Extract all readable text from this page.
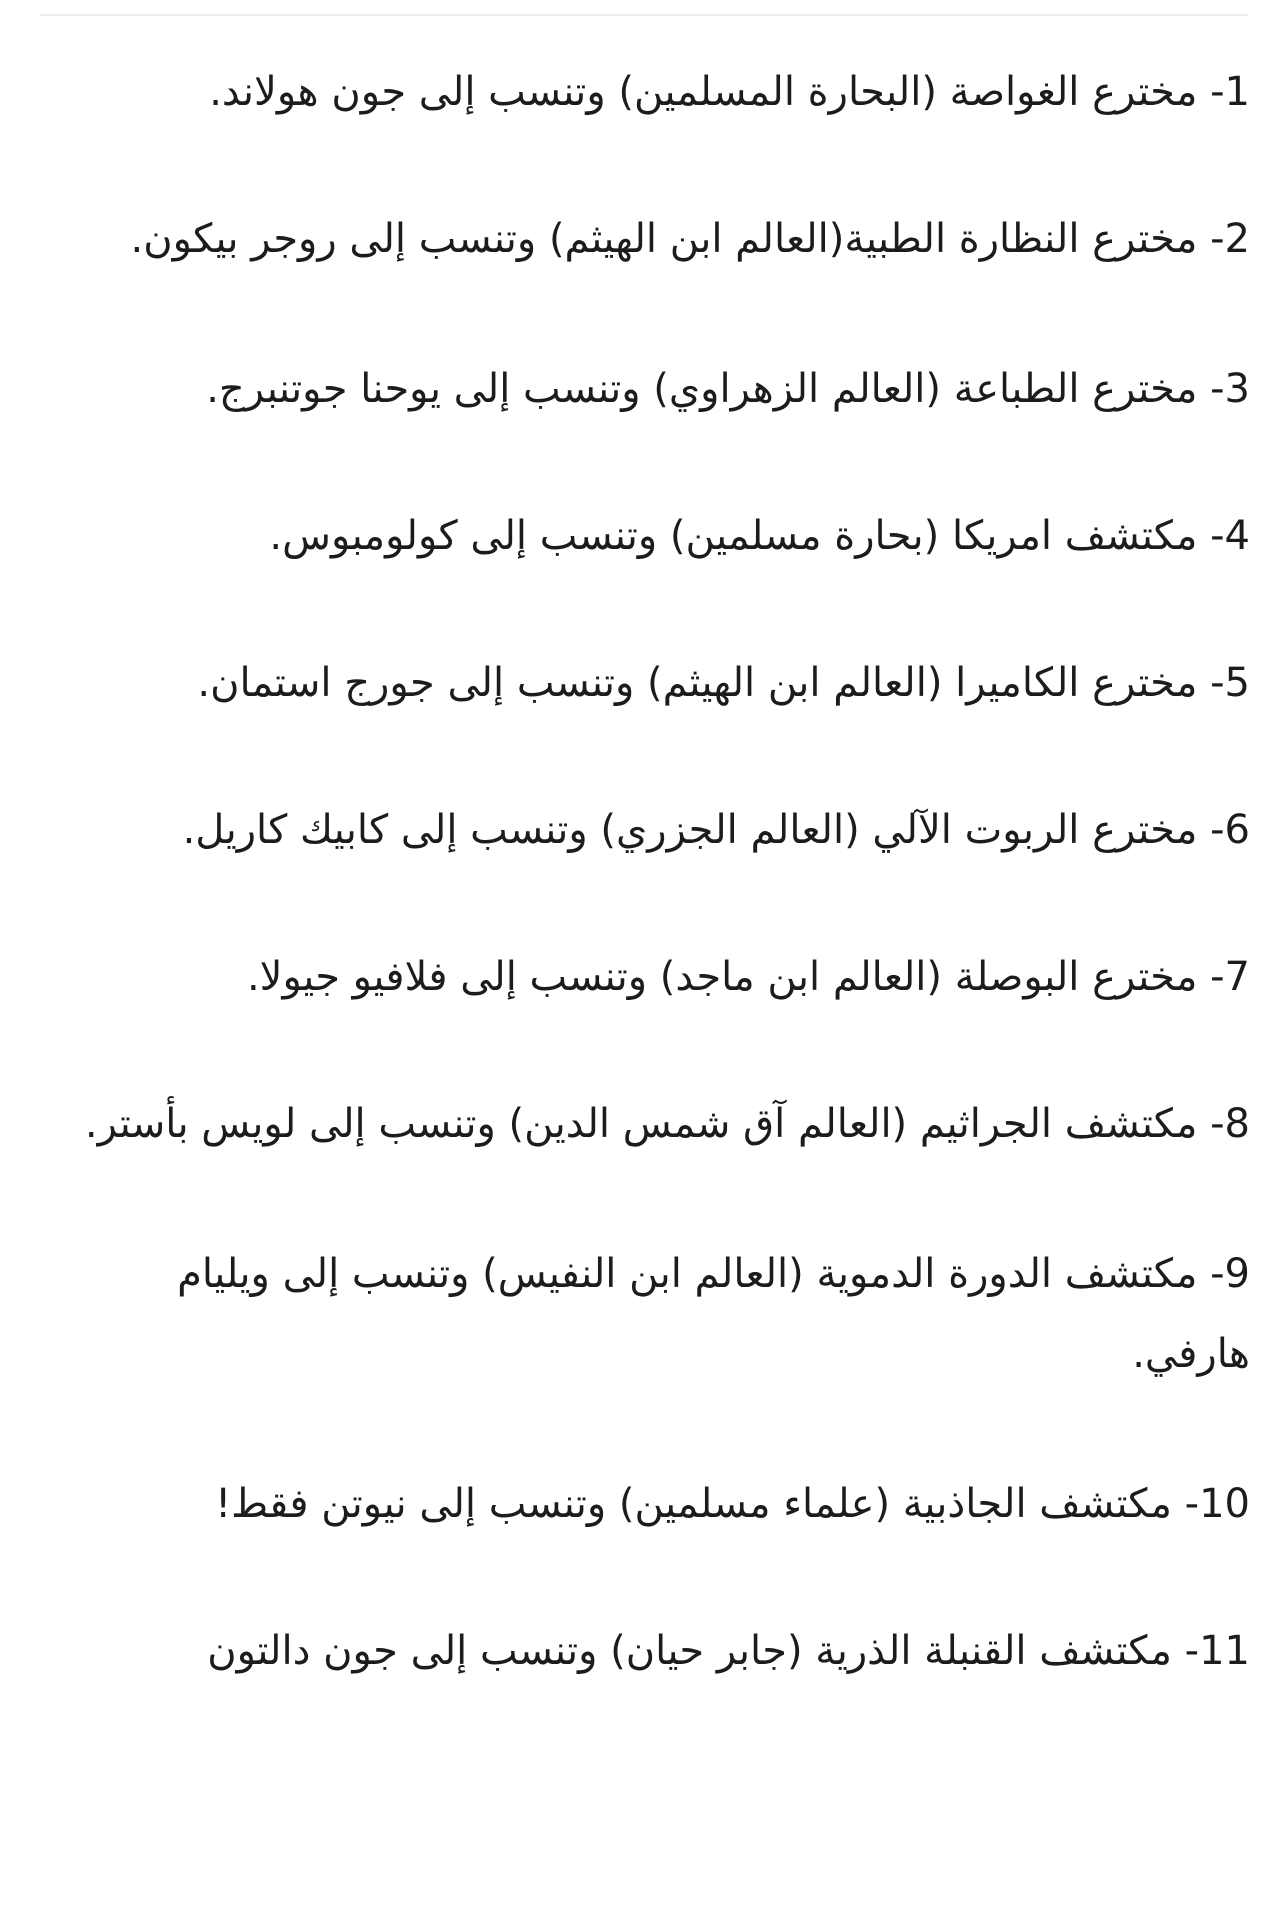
1- مخترع الغواصة (البحارة المسلمين) وتنسب إلى جون هولاند.

2- مخترع النظارة الطبية(العالم ابن الهيثم) وتنسب إلى روجر بيكون.

3- مخترع الطباعة (العالم الزهراوي) وتنسب إلى يوحنا جوتنبرج.

4- مكتشف امريكا (بحارة مسلمين) وتنسب إلى كولومبوس.

5- مخترع الكاميرا (العالم ابن الهيثم) وتنسب إلى جورج استمان.

6- مخترع الربوت الآلي (العالم الجزري) وتنسب إلى كابيك كاريل.

7- مخترع البوصلة (العالم ابن ماجد) وتنسب إلى فلافيو جيولا.

8- مكتشف الجراثيم (العالم آق شمس الدين) وتنسب إلى لويس بأستر.

9- مكتشف الدورة الدموية (العالم ابن النفيس) وتنسب إلى ويليام هارفي.

10- مكتشف الجاذبية (علماء مسلمين) وتنسب إلى نيوتن فقط!

11- مكتشف القنبلة الذرية (جابر حيان) وتنسب إلى جون دالتون
